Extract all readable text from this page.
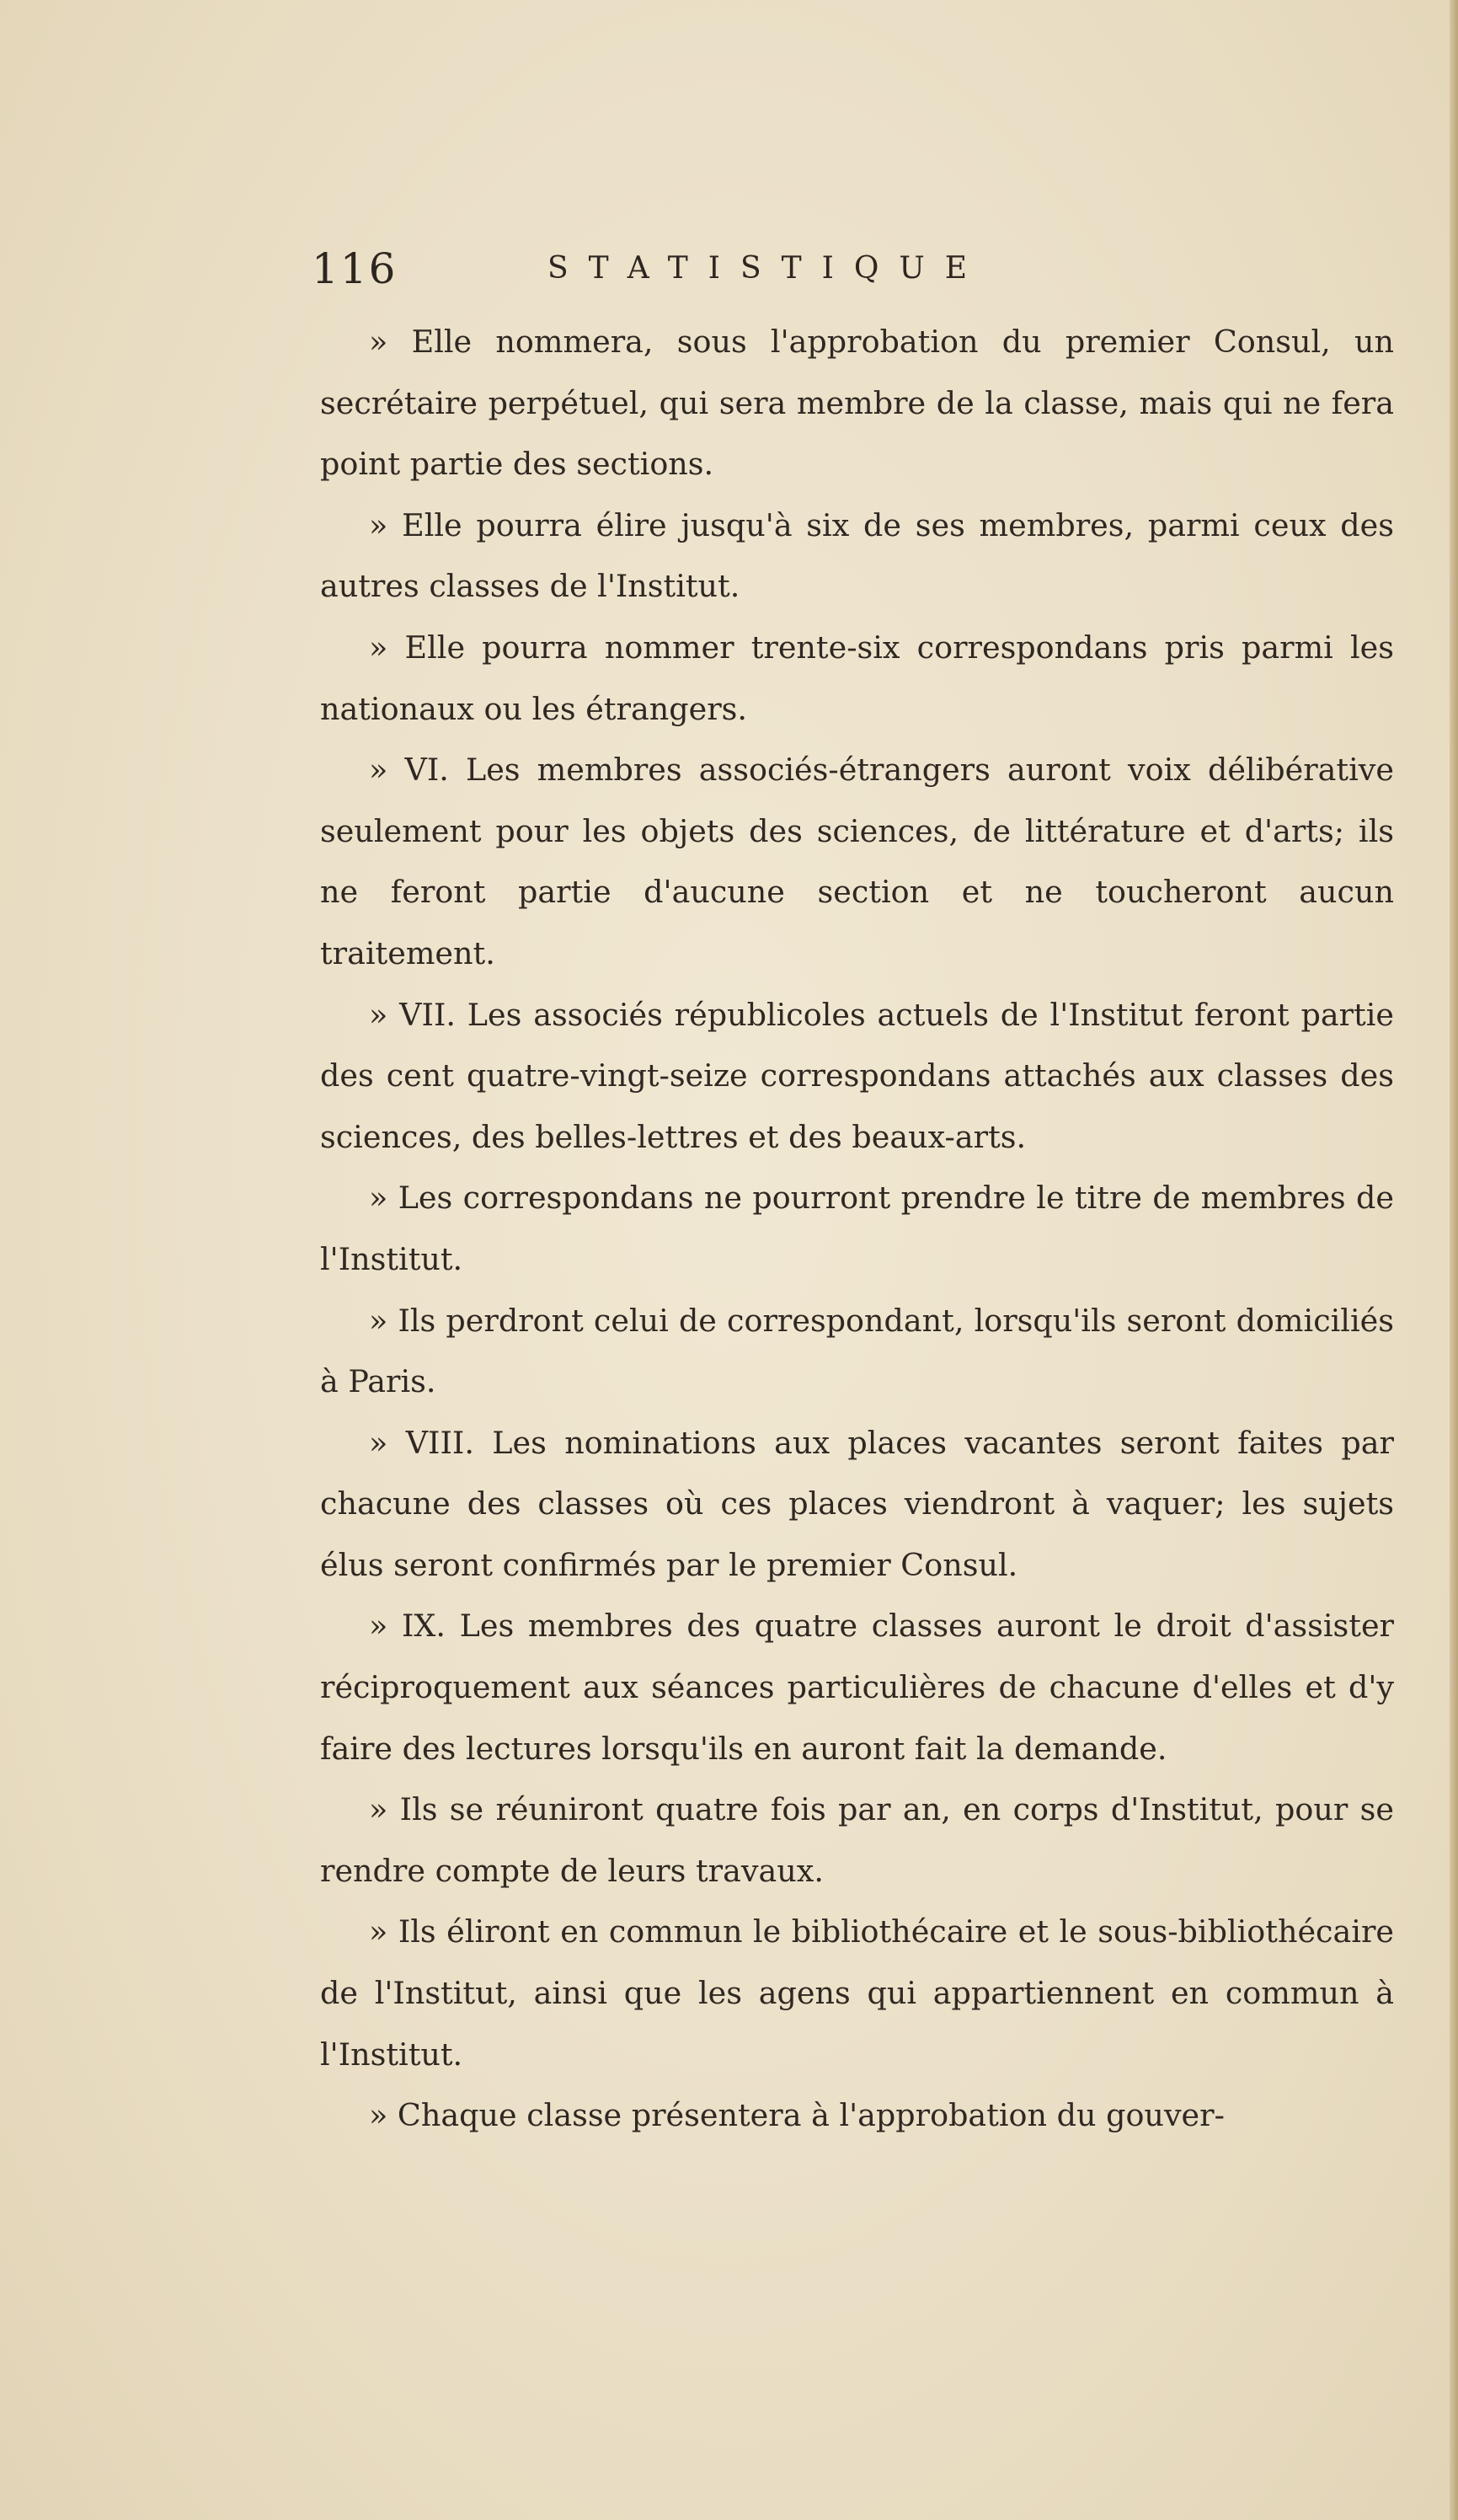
116	STATISTIQUE

» Elle nommera, sous l'approbation du premier Consul, un secrétaire perpétuel, qui sera membre de la classe, mais qui ne fera point partie des sections.

» Elle pourra élire jusqu'à six de ses membres, parmi ceux des autres classes de l'Institut.

» Elle pourra nommer trente-six correspondans pris parmi les nationaux ou les étrangers.

» VI. Les membres associés-étrangers auront voix délibérative seulement pour les objets des sciences, de littérature et d'arts; ils ne feront partie d'aucune section et ne toucheront aucun traitement.

» VII. Les associés républicoles actuels de l'Institut feront partie des cent quatre-vingt-seize correspondans attachés aux classes des sciences, des belles-lettres et des beaux-arts.

» Les correspondans ne pourront prendre le titre de membres de l'Institut.

» Ils perdront celui de correspondant, lorsqu'ils seront domiciliés à Paris.

» VIII. Les nominations aux places vacantes seront faites par chacune des classes où ces places viendront à vaquer; les sujets élus seront confirmés par le premier Consul.

» IX. Les membres des quatre classes auront le droit d'assister réciproquement aux séances particulières de chacune d'elles et d'y faire des lectures lorsqu'ils en auront fait la demande.

» Ils se réuniront quatre fois par an, en corps d'Institut, pour se rendre compte de leurs travaux.

» Ils éliront en commun le bibliothécaire et le sous-bibliothécaire de l'Institut, ainsi que les agens qui appartiennent en commun à l'Institut.

» Chaque classe présentera à l'approbation du gouver-
